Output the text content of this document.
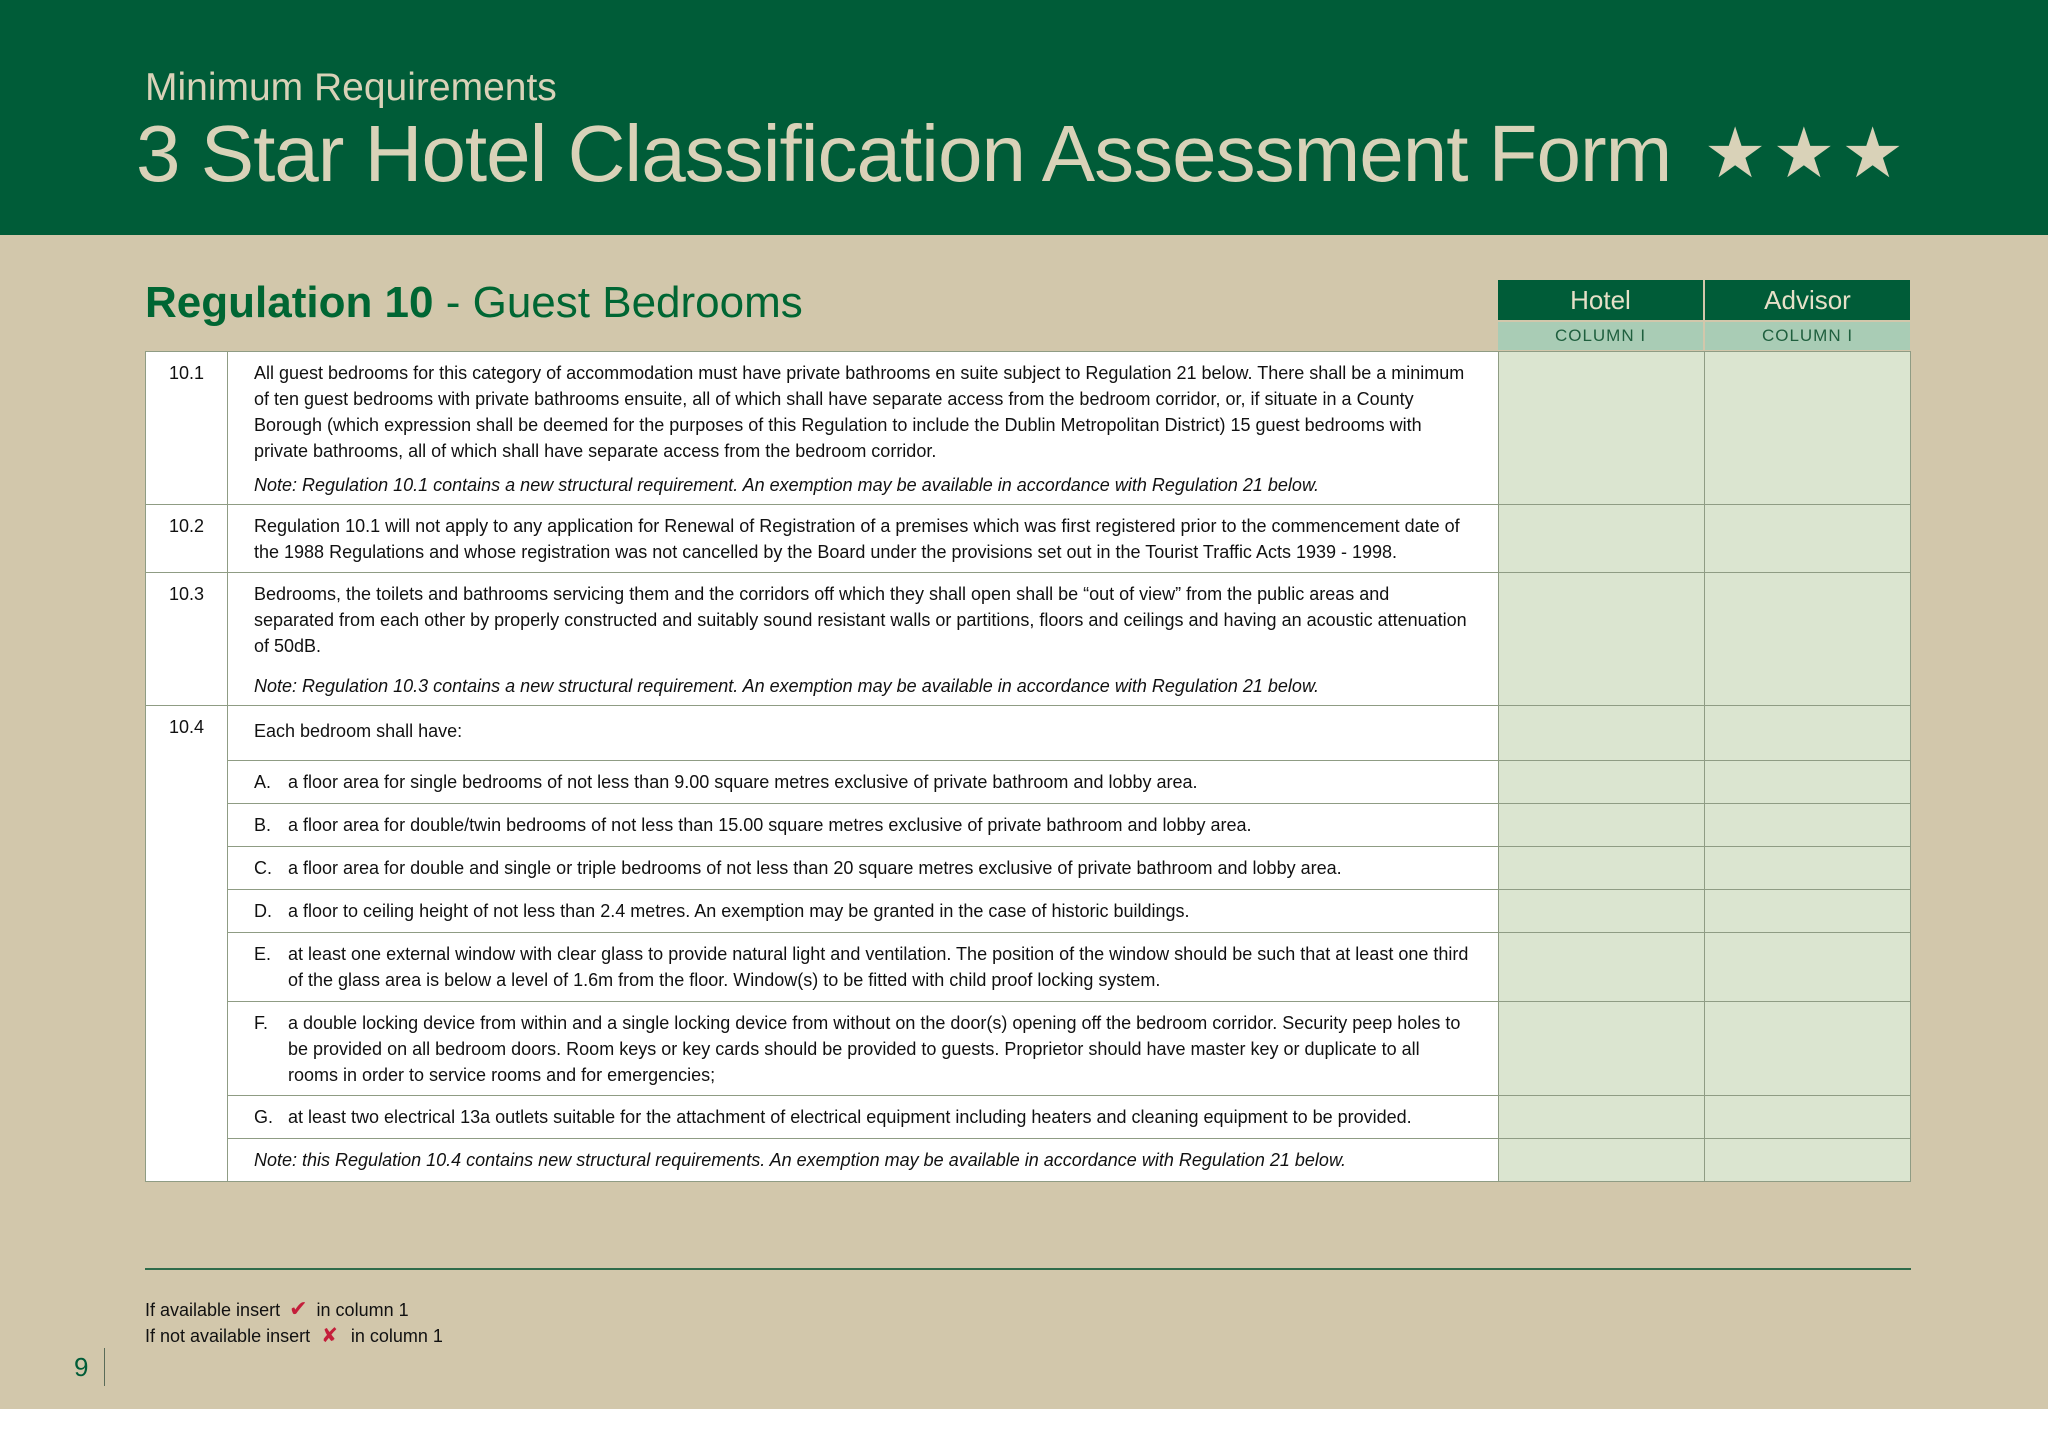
Minimum Requirements
3 Star Hotel Classification Assessment Form ★★★
Regulation 10 - Guest Bedrooms	Hotel	Advisor
COLUMN I	COLUMN I
10.1	All guest bedrooms for this category of accommodation must have private bathrooms en suite subject to Regulation 21 below. There shall be a minimum of ten guest bedrooms with private bathrooms ensuite, all of which shall have separate access from the bedroom corridor, or, if situate in a County Borough (which expression shall be deemed for the purposes of this Regulation to include the Dublin Metropolitan District) 15 guest bedrooms with private bathrooms, all of which shall have separate access from the bedroom corridor.

Note: Regulation 10.1 contains a new structural requirement. An exemption may be available in accordance with Regulation 21 below.		

10.2	Regulation 10.1 will not apply to any application for Renewal of Registration of a premises which was first registered prior to the commencement date of the 1988 Regulations and whose registration was not cancelled by the Board under the provisions set out in the Tourist Traffic Acts 1939 - 1998.		

10.3	Bedrooms, the toilets and bathrooms servicing them and the corridors off which they shall open shall be “out of view” from the public areas and separated from each other by properly constructed and suitably sound resistant walls or partitions, floors and ceilings and having an acoustic attenuation of 50dB.

Note: Regulation 10.3 contains a new structural requirement. An exemption may be available in accordance with Regulation 21 below.		

10.4	Each bedroom shall have:		

	A. a floor area for single bedrooms of not less than 9.00 square metres exclusive of private bathroom and lobby area.		

	B. a floor area for double/twin bedrooms of not less than 15.00 square metres exclusive of private bathroom and lobby area.		

	C. a floor area for double and single or triple bedrooms of not less than 20 square metres exclusive of private bathroom and lobby area.		

	D. a floor to ceiling height of not less than 2.4 metres. An exemption may be granted in the case of historic buildings.		

	E. at least one external window with clear glass to provide natural light and ventilation. The position of the window should be such that at least one third of the glass area is below a level of 1.6m from the floor. Window(s) to be fitted with child proof locking system.		

	F. a double locking device from within and a single locking device from without on the door(s) opening off the bedroom corridor. Security peep holes to be provided on all bedroom doors. Room keys or key cards should be provided to guests. Proprietor should have master key or duplicate to all rooms in order to service rooms and for emergencies;		

	G. at least two electrical 13a outlets suitable for the attachment of electrical equipment including heaters and cleaning equipment to be provided.		

	Note: this Regulation 10.4 contains new structural requirements. An exemption may be available in accordance with Regulation 21 below.		

If available insert ✔ in column 1
If not available insert ✘ in column 1
9
